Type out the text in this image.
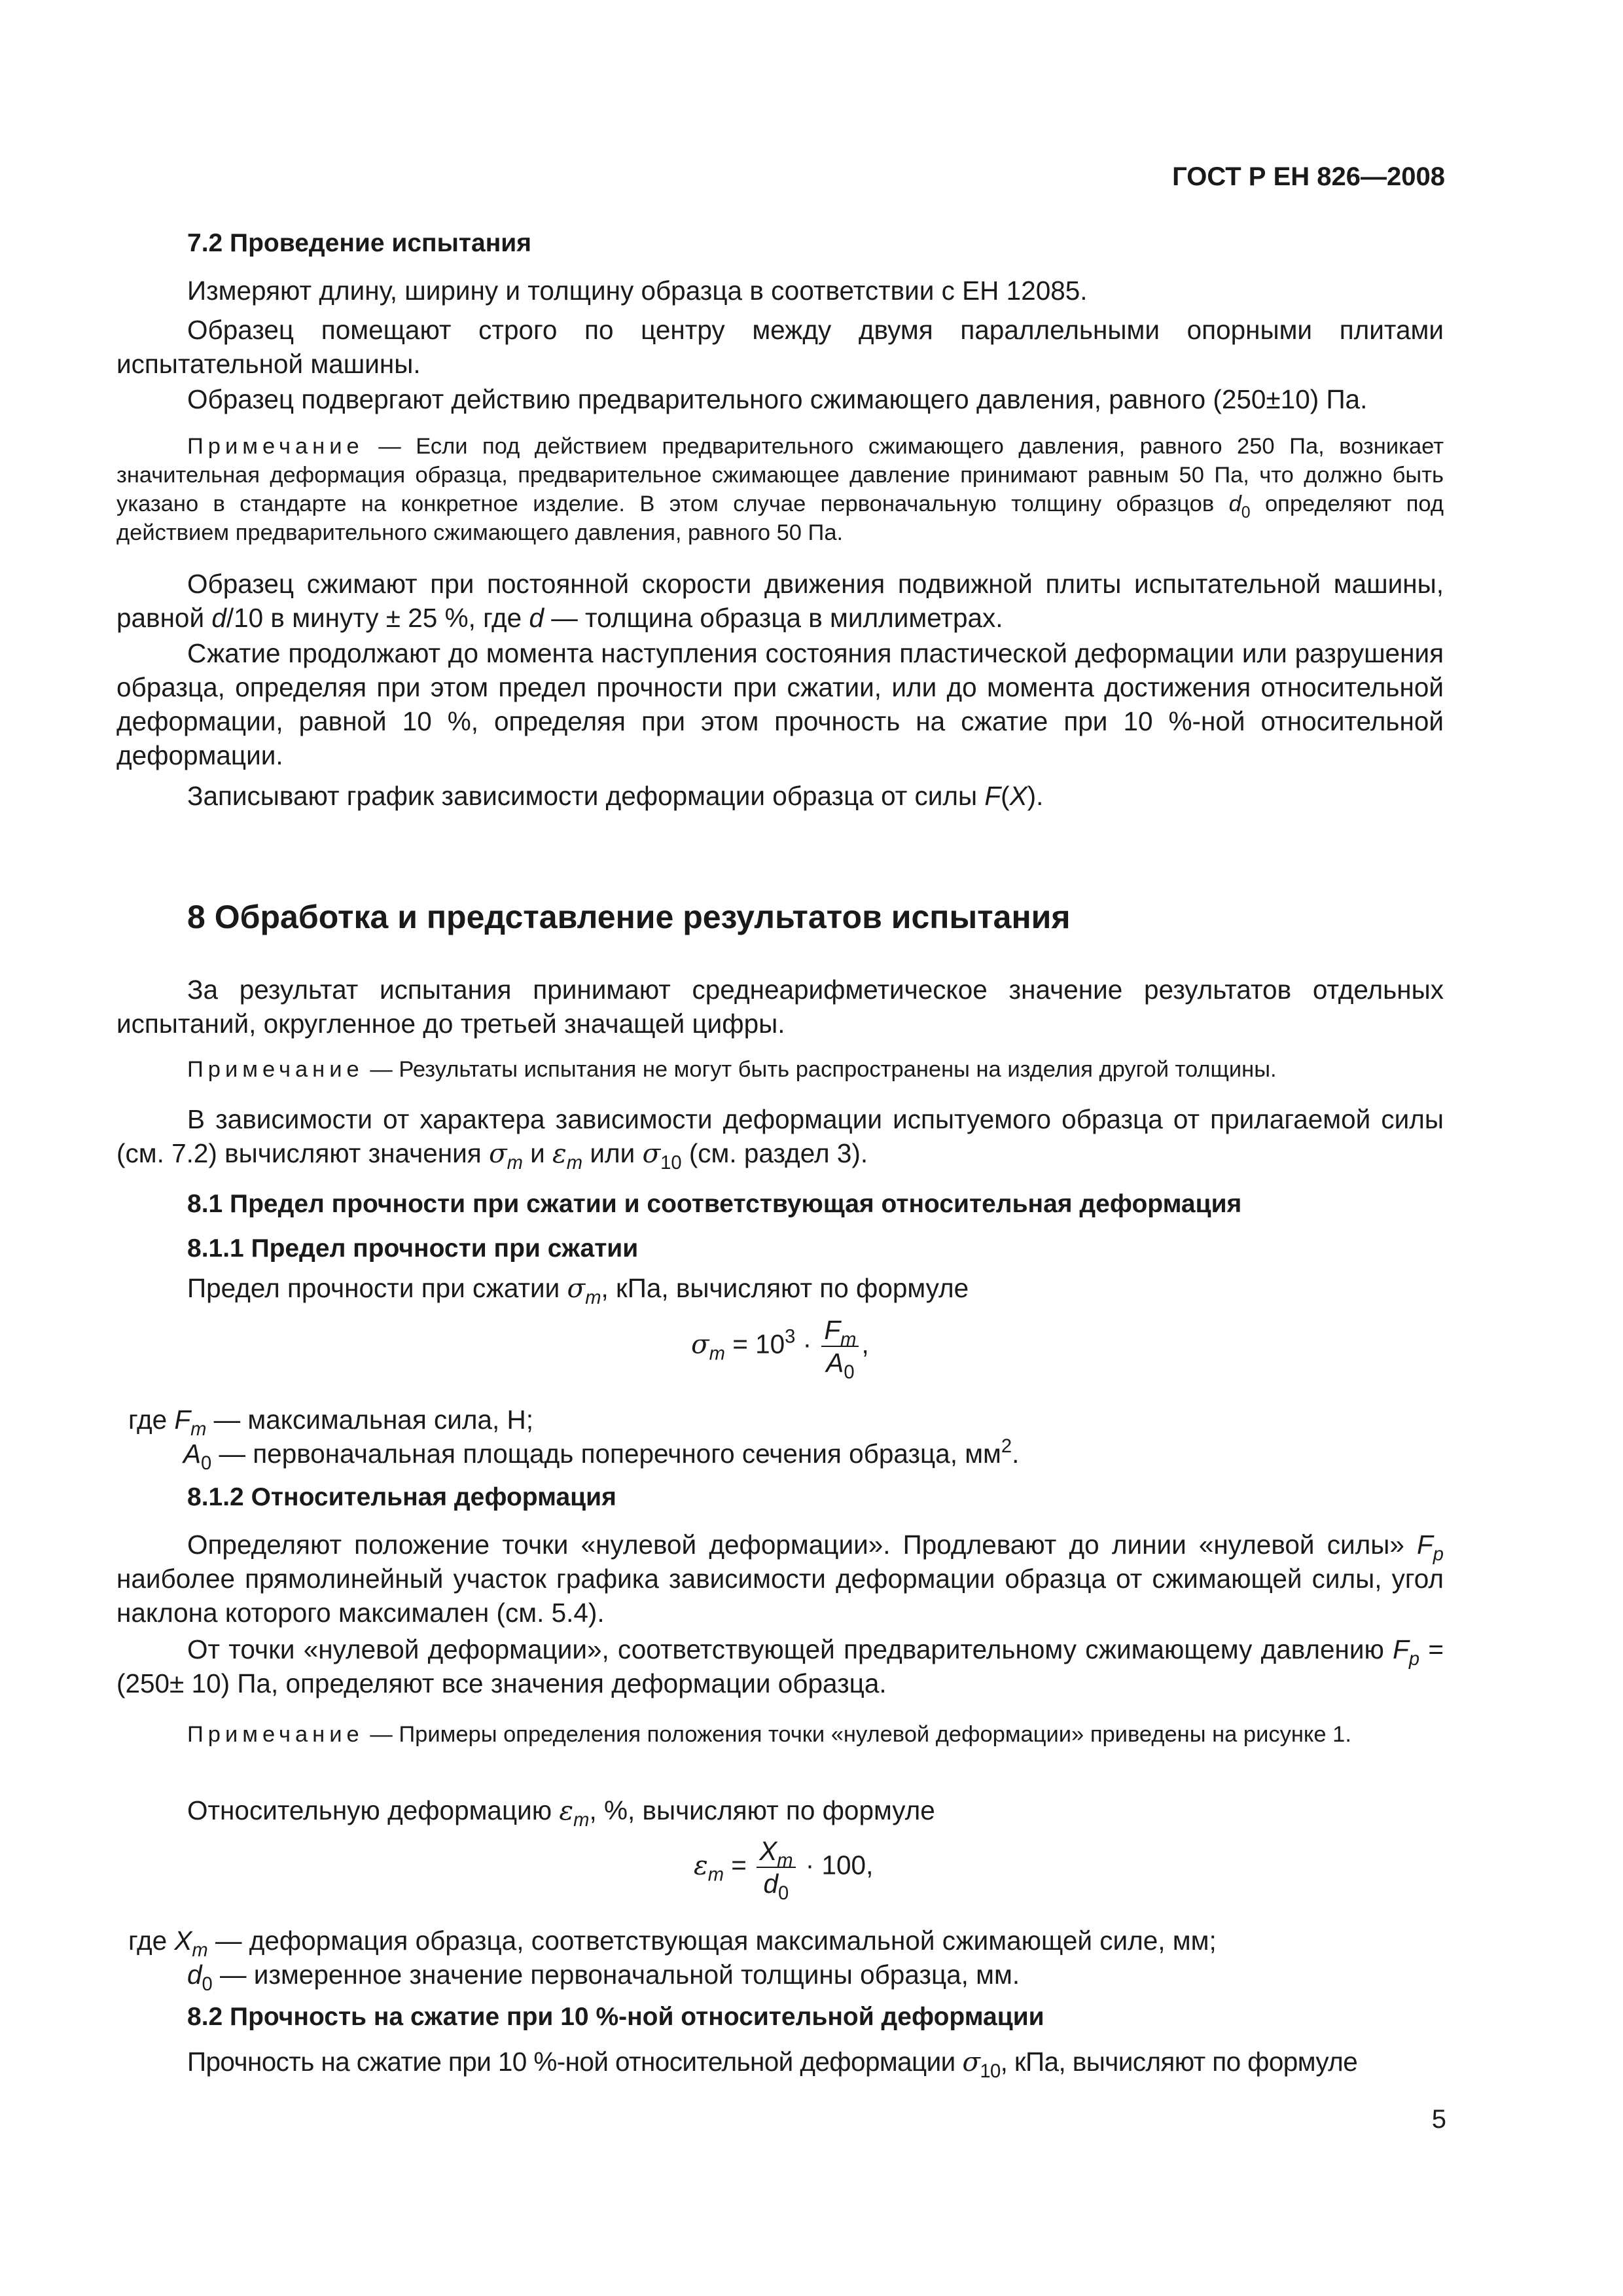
ГОСТ Р ЕН 826—2008
7.2 Проведение испытания

Измеряют длину, ширину и толщину образца в соответствии с ЕН 12085.

Образец помещают строго по центру между двумя параллельными опорными плитами испытательной машины.

Образец подвергают действию предварительного сжимающего давления, равного (250±10) Па.

Примечание — Если под действием предварительного сжимающего давления, равного 250 Па, возникает значительная деформация образца, предварительное сжимающее давление принимают равным 50 Па, что должно быть указано в стандарте на конкретное изделие. В этом случае первоначальную толщину образцов $d_0$ определяют под действием предварительного сжимающего давления, равного 50 Па.

Образец сжимают при постоянной скорости движения подвижной плиты испытательной машины, равной d/10 в минуту ± 25 %, где d — толщина образца в миллиметрах.

Сжатие продолжают до момента наступления состояния пластической деформации или разрушения образца, определяя при этом предел прочности при сжатии, или до момента достижения относительной деформации, равной 10 %, определяя при этом прочность на сжатие при 10 %-ной относительной деформации.

Записывают график зависимости деформации образца от силы F(X).

8 Обработка и представление результатов испытания

За результат испытания принимают среднеарифметическое значение результатов отдельных испытаний, округленное до третьей значащей цифры.

Примечание — Результаты испытания не могут быть распространены на изделия другой толщины.

В зависимости от характера зависимости деформации испытуемого образца от прилагаемой силы (см. 7.2) вычисляют значения $\sigma_m$ и $\varepsilon_m$ или $\sigma_{10}$ (см. раздел 3).

8.1 Предел прочности при сжатии и соответствующая относительная деформация
8.1.1 Предел прочности при сжатии
Предел прочности при сжатии $\sigma_m$, кПа, вычисляют по формуле
$\sigma_m = 10^3 \cdot \frac{F_m}{A_0}$ ,
где $F_m$ — максимальная сила, Н;
$A_0$ — первоначальная площадь поперечного сечения образца, $мм^2$.
8.1.2 Относительная деформация

Определяют положение точки «нулевой деформации». Продлевают до линии «нулевой силы» $F_p$ наиболее прямолинейный участок графика зависимости деформации образца от сжимающей силы, угол наклона которого максимален (см. 5.4).

От точки «нулевой деформации», соответствующей предварительному сжимающему давлению $F_p = (250\pm 10)$ Па, определяют все значения деформации образца.

Примечание — Примеры определения положения точки «нулевой деформации» приведены на рисунке 1.

Относительную деформацию $\varepsilon_m$, %, вычисляют по формуле
$\varepsilon_m = \frac{X_m}{d_0} \cdot 100$,
где $X_m$ — деформация образца, соответствующая максимальной сжимающей силе, мм;
$d_0$ — измеренное значение первоначальной толщины образца, мм.
8.2 Прочность на сжатие при 10 %-ной относительной деформации
Прочность на сжатие при 10 %-ной относительной деформации $\sigma_{10}$, кПа, вычисляют по формуле
5
